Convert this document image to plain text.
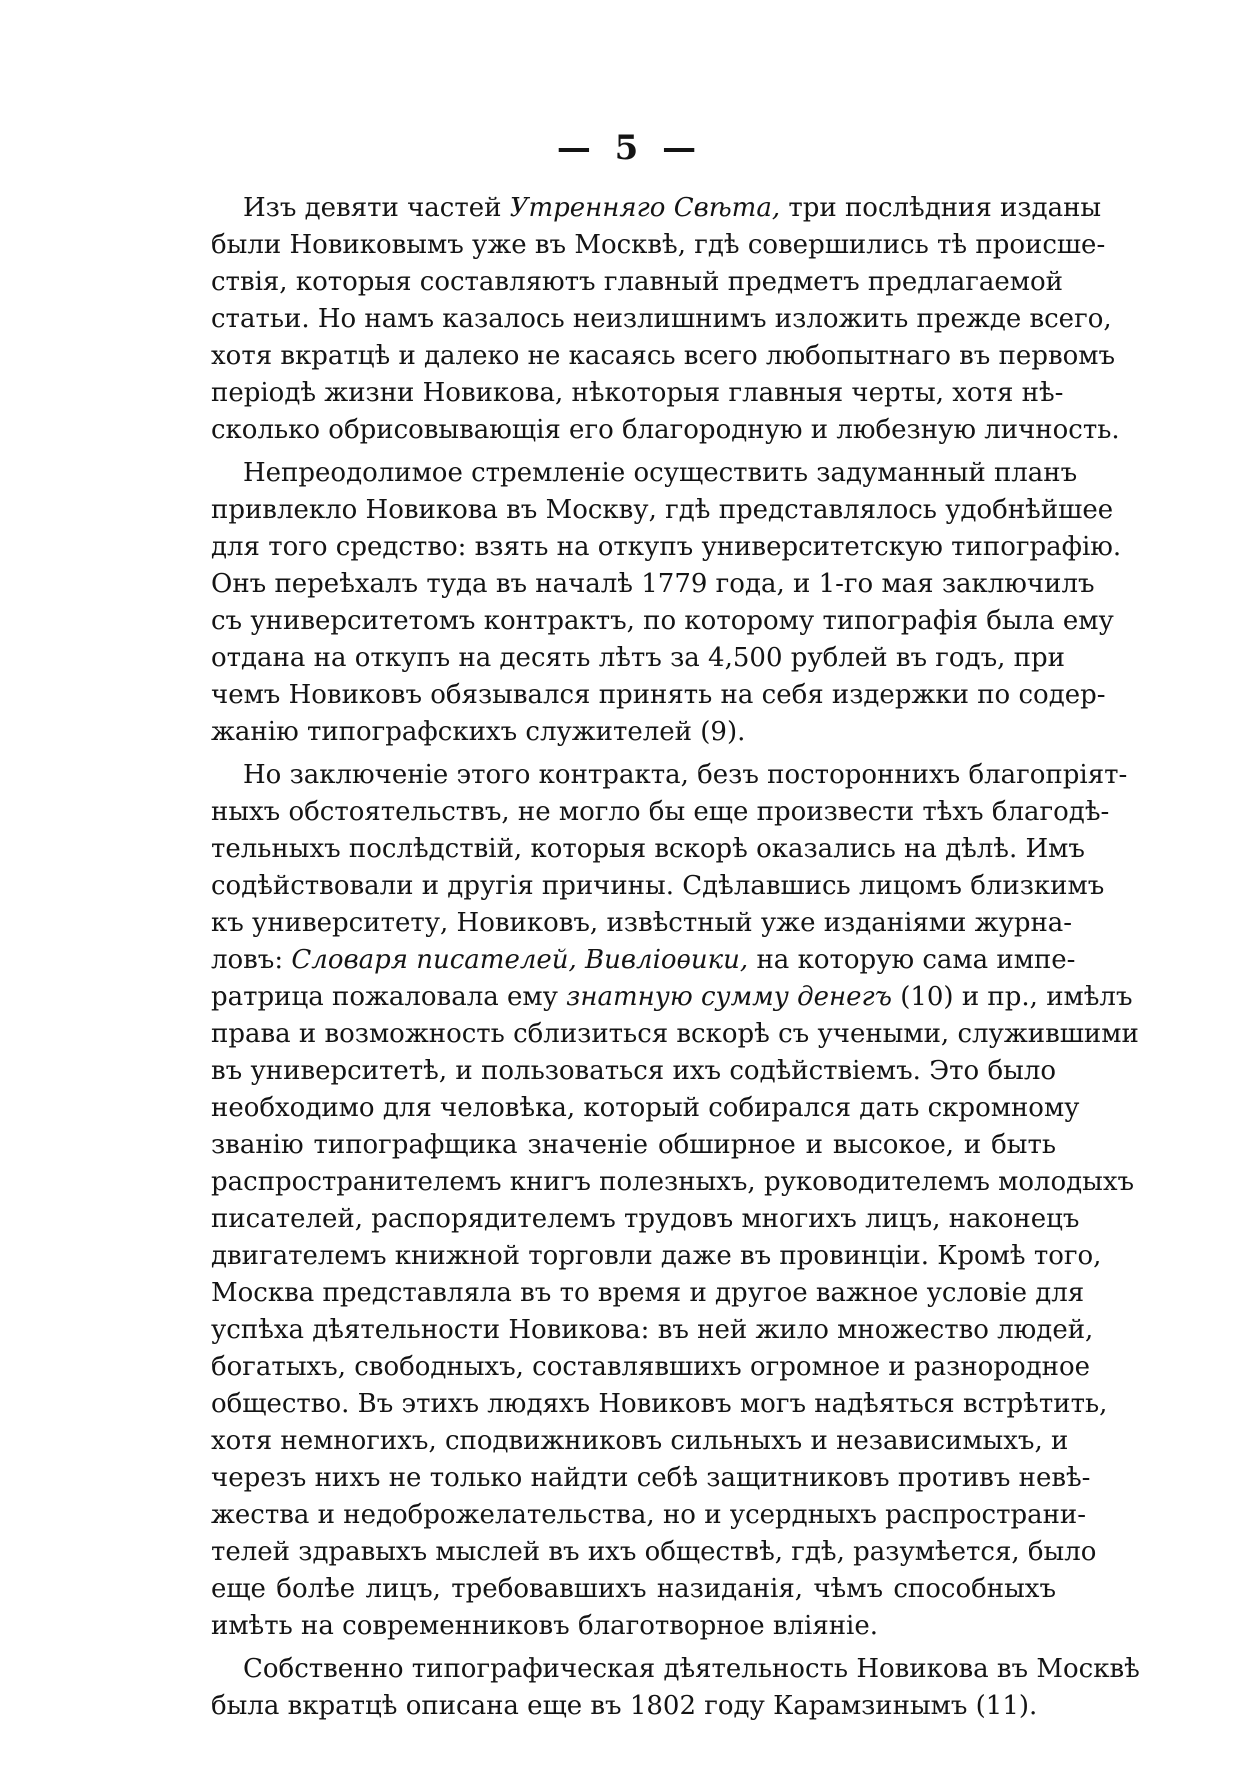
— 5 —
Изъ девяти частей Утренняго Свѣта, три послѣдния изданы
были Новиковымъ уже въ Москвѣ, гдѣ совершились тѣ происше-
ствія, которыя составляютъ главный предметъ предлагаемой
статьи. Но намъ казалось неизлишнимъ изложить прежде всего,
хотя вкратцѣ и далеко не касаясь всего любопытнаго въ первомъ
періодѣ жизни Новикова, нѣкоторыя главныя черты, хотя нѣ-
сколько обрисовывающія его благородную и любезную личность.
Непреодолимое стремленіе осуществить задуманный планъ
привлекло Новикова въ Москву, гдѣ представлялось удобнѣйшее
для того средство: взять на откупъ университетскую типографію.
Онъ переѣхалъ туда въ началѣ 1779 года, и 1-го мая заключилъ
съ университетомъ контрактъ, по которому типографія была ему
отдана на откупъ на десять лѣтъ за 4,500 рублей въ годъ, при
чемъ Новиковъ обязывался принять на себя издержки по содер-
жанію типографскихъ служителей (9).
Но заключеніе этого контракта, безъ постороннихъ благопріят-
ныхъ обстоятельствъ, не могло бы еще произвести тѣхъ благодѣ-
тельныхъ послѣдствій, которыя вскорѣ оказались на дѣлѣ. Имъ
содѣйствовали и другія причины. Сдѣлавшись лицомъ близкимъ
къ университету, Новиковъ, извѣстный уже изданіями журна-
ловъ: Словаря писателей, Вивліоѳики, на которую сама импе-
ратрица пожаловала ему знатную сумму денегъ (10) и пр., имѣлъ
права и возможность сблизиться вскорѣ съ учеными, служившими
въ университетѣ, и пользоваться ихъ содѣйствіемъ. Это было
необходимо для человѣка, который собирался дать скромному
званію типографщика значеніе обширное и высокое, и быть
распространителемъ книгъ полезныхъ, руководителемъ молодыхъ
писателей, распорядителемъ трудовъ многихъ лицъ, наконецъ
двигателемъ книжной торговли даже въ провинціи. Кромѣ того,
Москва представляла въ то время и другое важное условіе для
успѣха дѣятельности Новикова: въ ней жило множество людей,
богатыхъ, свободныхъ, составлявшихъ огромное и разнородное
общество. Въ этихъ людяхъ Новиковъ могъ надѣяться встрѣтить,
хотя немногихъ, сподвижниковъ сильныхъ и независимыхъ, и
черезъ нихъ не только найдти себѣ защитниковъ противъ невѣ-
жества и недоброжелательства, но и усердныхъ распространи-
телей здравыхъ мыслей въ ихъ обществѣ, гдѣ, разумѣется, было
еще болѣе лицъ, требовавшихъ назиданія, чѣмъ способныхъ
имѣть на современниковъ благотворное вліяніе.
Собственно типографическая дѣятельность Новикова въ Москвѣ
была вкратцѣ описана еще въ 1802 году Карамзинымъ (11).
